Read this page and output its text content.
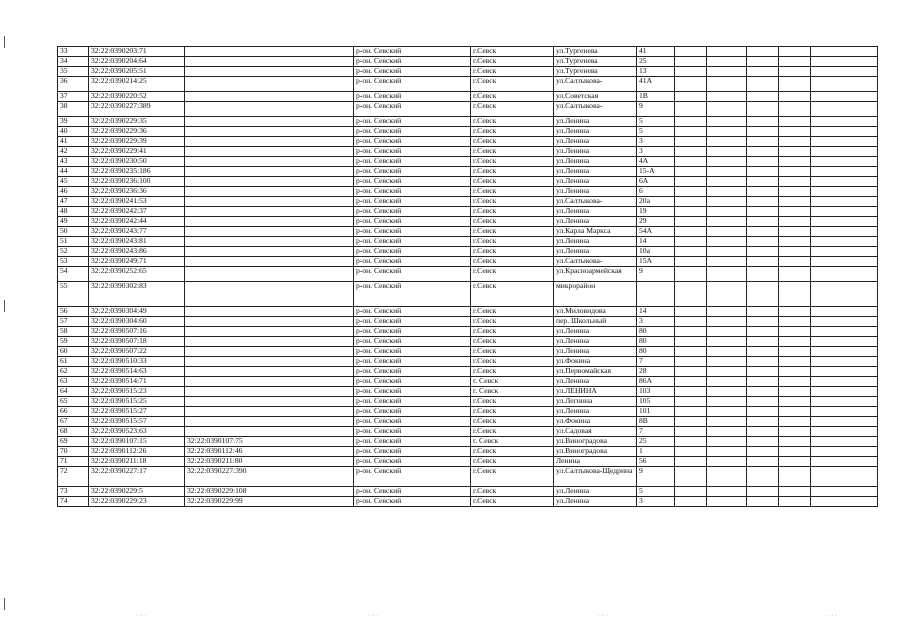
33	32:22:0390203:71		р-он. Севский	г.Севск	ул.Тургенева	41					
34	32:22:0390204:64		р-он. Севский	г.Севск	ул.Тургенева	25					
35	32:22:0390205:51		р-он. Севский	г.Севск	ул.Тургенева	13					
36	32:22:0390214:25		р-он. Севский	г.Севск	ул.Салтыкова-	41А					
37	32:22:0390220:52		р-он. Севский	г.Севск	ул.Советская	1В					
38	32:22:0390227:389		р-он. Севский	г.Севск	ул.Салтыкова-	9					
39	32:22:0390229:35		р-он. Севский	г.Севск	ул.Ленина	5					
40	32:22:0390229:36		р-он. Севский	г.Севск	ул.Ленина	5					
41	32:22:0390229:39		р-он. Севский	г.Севск	ул.Ленина	3					
42	32:22:0390229:41		р-он. Севский	г.Севск	ул.Ленина	3					
43	32:22:0390230:50		р-он. Севский	г.Севск	ул.Ленина	4А					
44	32:22:0390235:186		р-он. Севский	г.Севск	ул.Ленина	15-А					
45	32:22:0390236:100		р-он. Севский	г.Севск	ул.Ленина	6А					
46	32:22:0390236:36		р-он. Севский	г.Севск	ул.Ленина	6					
47	32:22:0390241:53		р-он. Севский	г.Севск	ул.Салтыкова-	20а					
48	32:22:0390242:37		р-он. Севский	г.Севск	ул.Ленина	19					
49	32:22:0390242:44		р-он. Севский	г.Севск	ул.Ленина	29					
50	32:22:0390243:77		р-он. Севский	г.Севск	ул.Карла Маркса	54А					
51	32:22:0390243:81		р-он. Севский	г.Севск	ул.Ленина	14					
52	32:22:0390243:86		р-он. Севский	г.Севск	ул.Ленина	10а					
53	32:22:0390249:71		р-он. Севский	г.Севск	ул.Салтыкова-	15А					
54	32:22:0390252:65		р-он. Севский	г.Севск	ул.Красноармейская	9					
55	32:22:0390302:83		р-он. Севский	г.Севск	микрорайон						
56	32:22:0390304:49		р-он. Севский	г.Севск	ул.Миловидова	14					
57	32:22:0390304:60		р-он. Севский	г.Севск	пер. Школьный	3					
58	32:22:0390507:16		р-он. Севский	г.Севск	ул.Ленина	80					
59	32:22:0390507:18		р-он. Севский	г.Севск	ул.Ленина	80					
60	32:22:0390507:22		р-он. Севский	г.Севск	ул.Ленина	80					
61	32:22:0390510:33		р-он. Севский	г.Севск	ул.Фокина	7					
62	32:22:0390514:63		р-он. Севский	г.Севск	ул.Первомайская	28					
63	32:22:0390514:71		р-он. Севский	г. Севск	ул.Ленина	86А					
64	32:22:0390515:23		р-он. Севский	г. Севск	ул.ЛЕНИНА	103					
65	32:22:0390515:25		р-он. Севский	г.Севск	ул.Легнина	105					
66	32:22:0390515:27		р-он. Севский	г.Севск	ул.Ленина	101					
67	32:22:0390515:57		р-он. Севский	г.Севск	ул.Фокина	8В					
68	32:22:0390523:63		р-он. Севский	г.Севск	ул.Садовая	7					
69	32:22:0390107:15	32:22:0390107:75	р-он. Севский	г. Севск	ул.Виноградова	25					
70	32:22:0390112:26	32:22:0390112:46	р-он. Севский	г.Севск	ул.Виноградова	1					
71	32:22:0390211:18	32:22:0390211:80	р-он. Севский	г.Севск	Ленина	56					
72	32:22:0390227:17	32:22:0390227:390	р-он. Севский	г.Севск	ул.Салтыкова-Щедрина	9					
73	32:22:0390229:5	32:22:0390229:108	р-он. Севский	г.Севск	ул.Ленина	5					
74	32:22:0390229:23	32:22:0390229:99	р-он. Севский	г.Севск	ул.Ленина	3					
· ·· ·	· ·· ·	· ·· ·	· ·· ·
